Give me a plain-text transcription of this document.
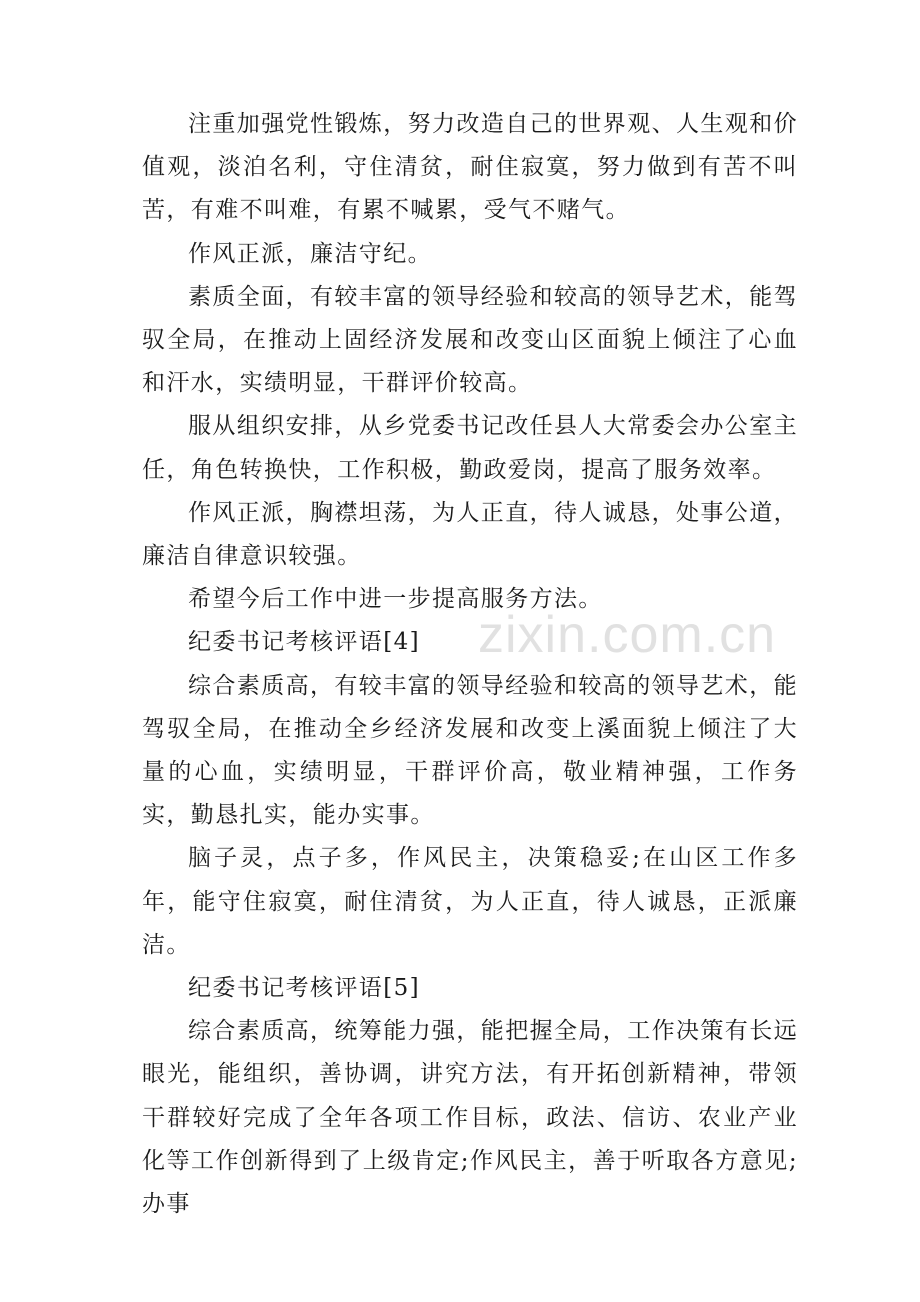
注重加强党性锻炼，努力改造自己的世界观、人生观和价值观，淡泊名利，守住清贫，耐住寂寞，努力做到有苦不叫苦，有难不叫难，有累不喊累，受气不赌气。

作风正派，廉洁守纪。

素质全面，有较丰富的领导经验和较高的领导艺术，能驾驭全局，在推动上固经济发展和改变山区面貌上倾注了心血和汗水，实绩明显，干群评价较高。

服从组织安排，从乡党委书记改任县人大常委会办公室主任，角色转换快，工作积极，勤政爱岗，提高了服务效率。

作风正派，胸襟坦荡，为人正直，待人诚恳，处事公道，廉洁自律意识较强。

希望今后工作中进一步提高服务方法。

纪委书记考核评语[4]

综合素质高，有较丰富的领导经验和较高的领导艺术，能驾驭全局，在推动全乡经济发展和改变上溪面貌上倾注了大量的心血，实绩明显，干群评价高，敬业精神强，工作务实，勤恳扎实，能办实事。

脑子灵，点子多，作风民主，决策稳妥;在山区工作多年，能守住寂寞，耐住清贫，为人正直，待人诚恳，正派廉洁。

纪委书记考核评语[5]

综合素质高，统筹能力强，能把握全局，工作决策有长远眼光，能组织，善协调，讲究方法，有开拓创新精神，带领干群较好完成了全年各项工作目标，政法、信访、农业产业化等工作创新得到了上级肯定;作风民主，善于听取各方意见;办事

zixin.com.cn
